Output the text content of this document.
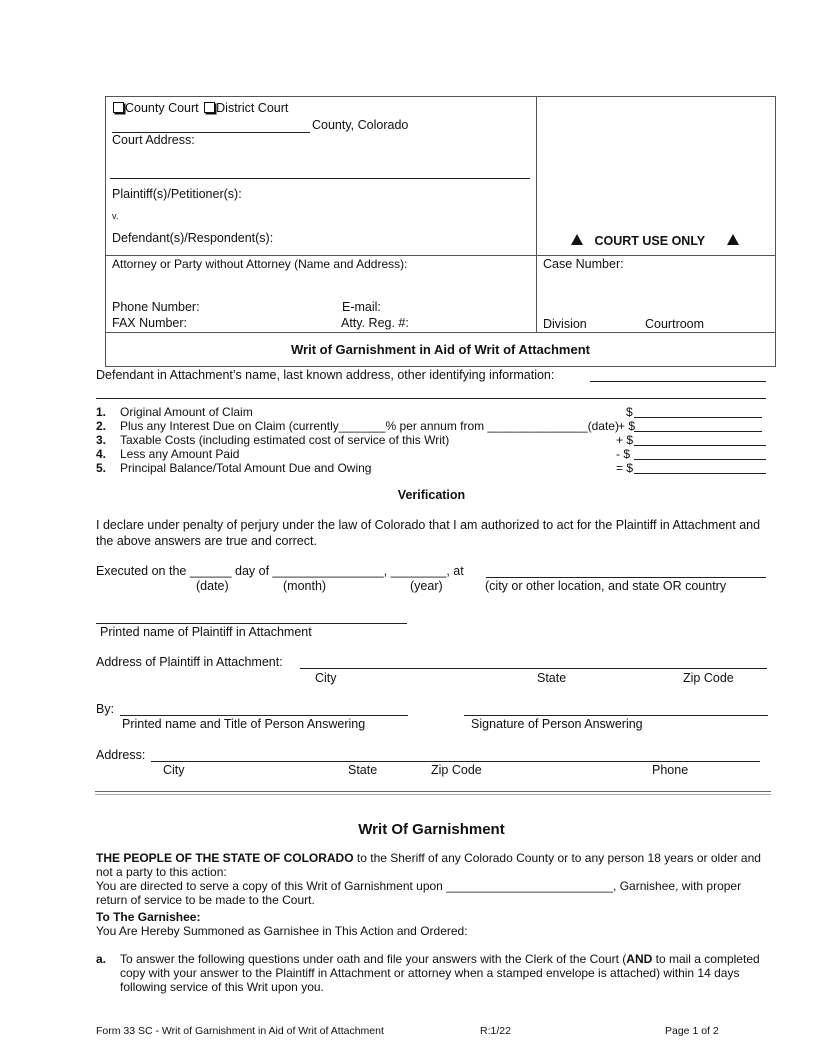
County Court District Court
County, Colorado
Court Address:
Plaintiff(s)/Petitioner(s):
v.
Defendant(s)/Respondent(s):	COURT USE ONLY
Attorney or Party without Attorney (Name and Address):
Phone Number:	E-mail:
FAX Number:	Atty. Reg. #:
Case Number:
Division	Courtroom
Writ of Garnishment in Aid of Writ of Attachment
Defendant in Attachment’s name, last known address, other identifying information:
1. Original Amount of Claim	$
2. Plus any Interest Due on Claim (currently_______% per annum from _______________(date) + $
3. Taxable Costs (including estimated cost of service of this Writ)	+ $
4. Less any Amount Paid	- $
5. Principal Balance/Total Amount Due and Owing	= $
Verification
I declare under penalty of perjury under the law of Colorado that I am authorized to act for the Plaintiff in Attachment and the above answers are true and correct.
Executed on the ______ day of ________________, ________, at
(date)	(month)	(year)	(city or other location, and state OR country
Printed name of Plaintiff in Attachment
Address of Plaintiff in Attachment:
City	State	Zip Code
By:
Printed name and Title of Person Answering	Signature of Person Answering
Address:
City	State	Zip Code	Phone
Writ Of Garnishment
THE PEOPLE OF THE STATE OF COLORADO to the Sheriff of any Colorado County or to any person 18 years or older and not a party to this action:
You are directed to serve a copy of this Writ of Garnishment upon _________________________, Garnishee, with proper return of service to be made to the Court.
To The Garnishee:
You Are Hereby Summoned as Garnishee in This Action and Ordered:
a. To answer the following questions under oath and file your answers with the Clerk of the Court (AND to mail a completed copy with your answer to the Plaintiff in Attachment or attorney when a stamped envelope is attached) within 14 days following service of this Writ upon you.
Form 33 SC - Writ of Garnishment in Aid of Writ of Attachment	R:1/22	Page 1 of 2
